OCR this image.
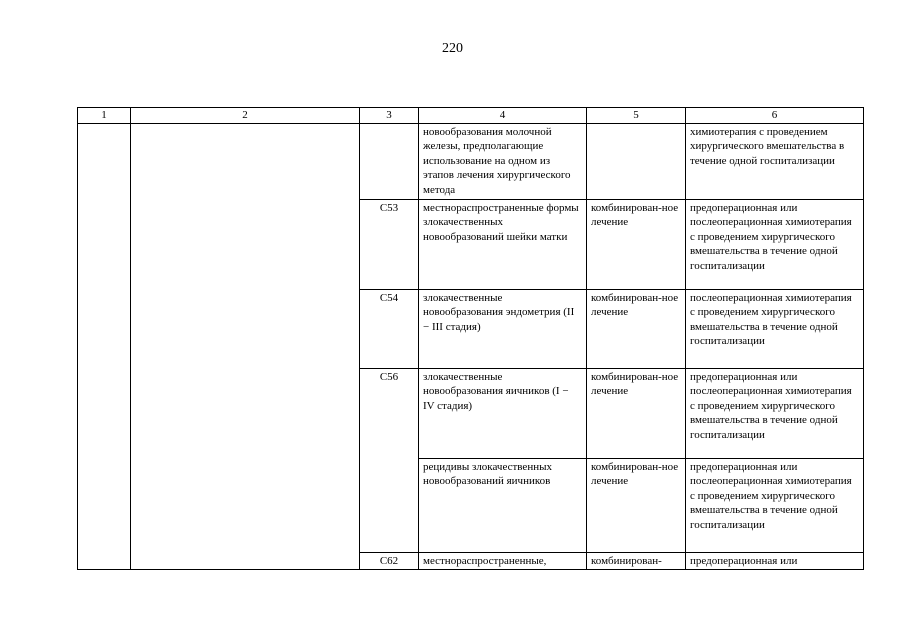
220
1	2	3	4	5	6
			новообразования молочной железы, предполагающие использование на одном из этапов лечения хирургического метода		химиотерапия с проведением хирургического вмешательства в течение одной госпитализации
		C53	местнораспространенные формы злокачественных новообразований шейки матки	комбинирован-ное лечение	предоперационная или послеоперационная химиотерапия с проведением хирургического вмешательства в течение одной госпитализации
		C54	злокачественные новообразования эндометрия (II − III стадия)	комбинирован-ное лечение	послеоперационная химиотерапия с проведением хирургического вмешательства в течение одной госпитализации
		C56	злокачественные новообразования яичников (I − IV стадия)	комбинирован-ное лечение	предоперационная или послеоперационная химиотерапия с проведением хирургического вмешательства в течение одной госпитализации
			рецидивы злокачественных новообразований яичников	комбинирован-ное лечение	предоперационная или послеоперационная химиотерапия с проведением хирургического вмешательства в течение одной госпитализации
		C62	местнораспространенные,	комбинирован-	предоперационная или
